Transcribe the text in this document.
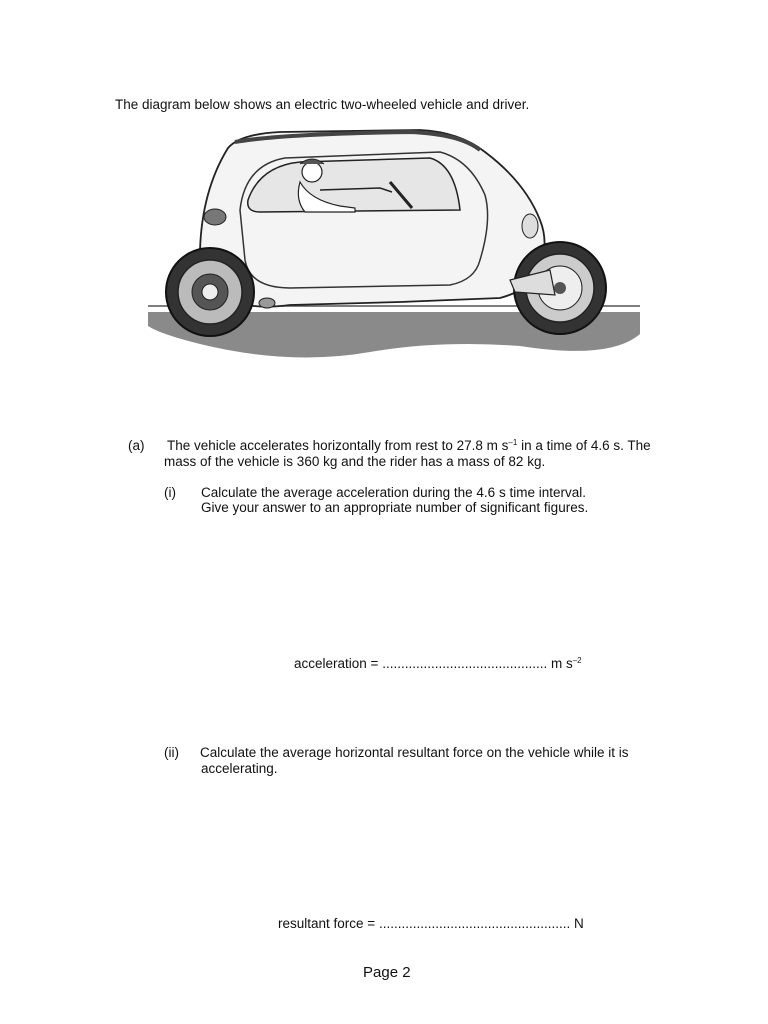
The diagram below shows an electric two-wheeled vehicle and driver.
(a) The vehicle accelerates horizontally from rest to 27.8 m $s^{-1}$ in a time of 4.6 s. The
mass of the vehicle is 360 kg and the rider has a mass of 82 kg.
(i) Calculate the average acceleration during the 4.6 s time interval.
Give your answer to an appropriate number of significant figures.
acceleration = ............................................ m $s^{-2}$
(ii) Calculate the average horizontal resultant force on the vehicle while it is
accelerating.
resultant force = ................................................... N
Page 2
